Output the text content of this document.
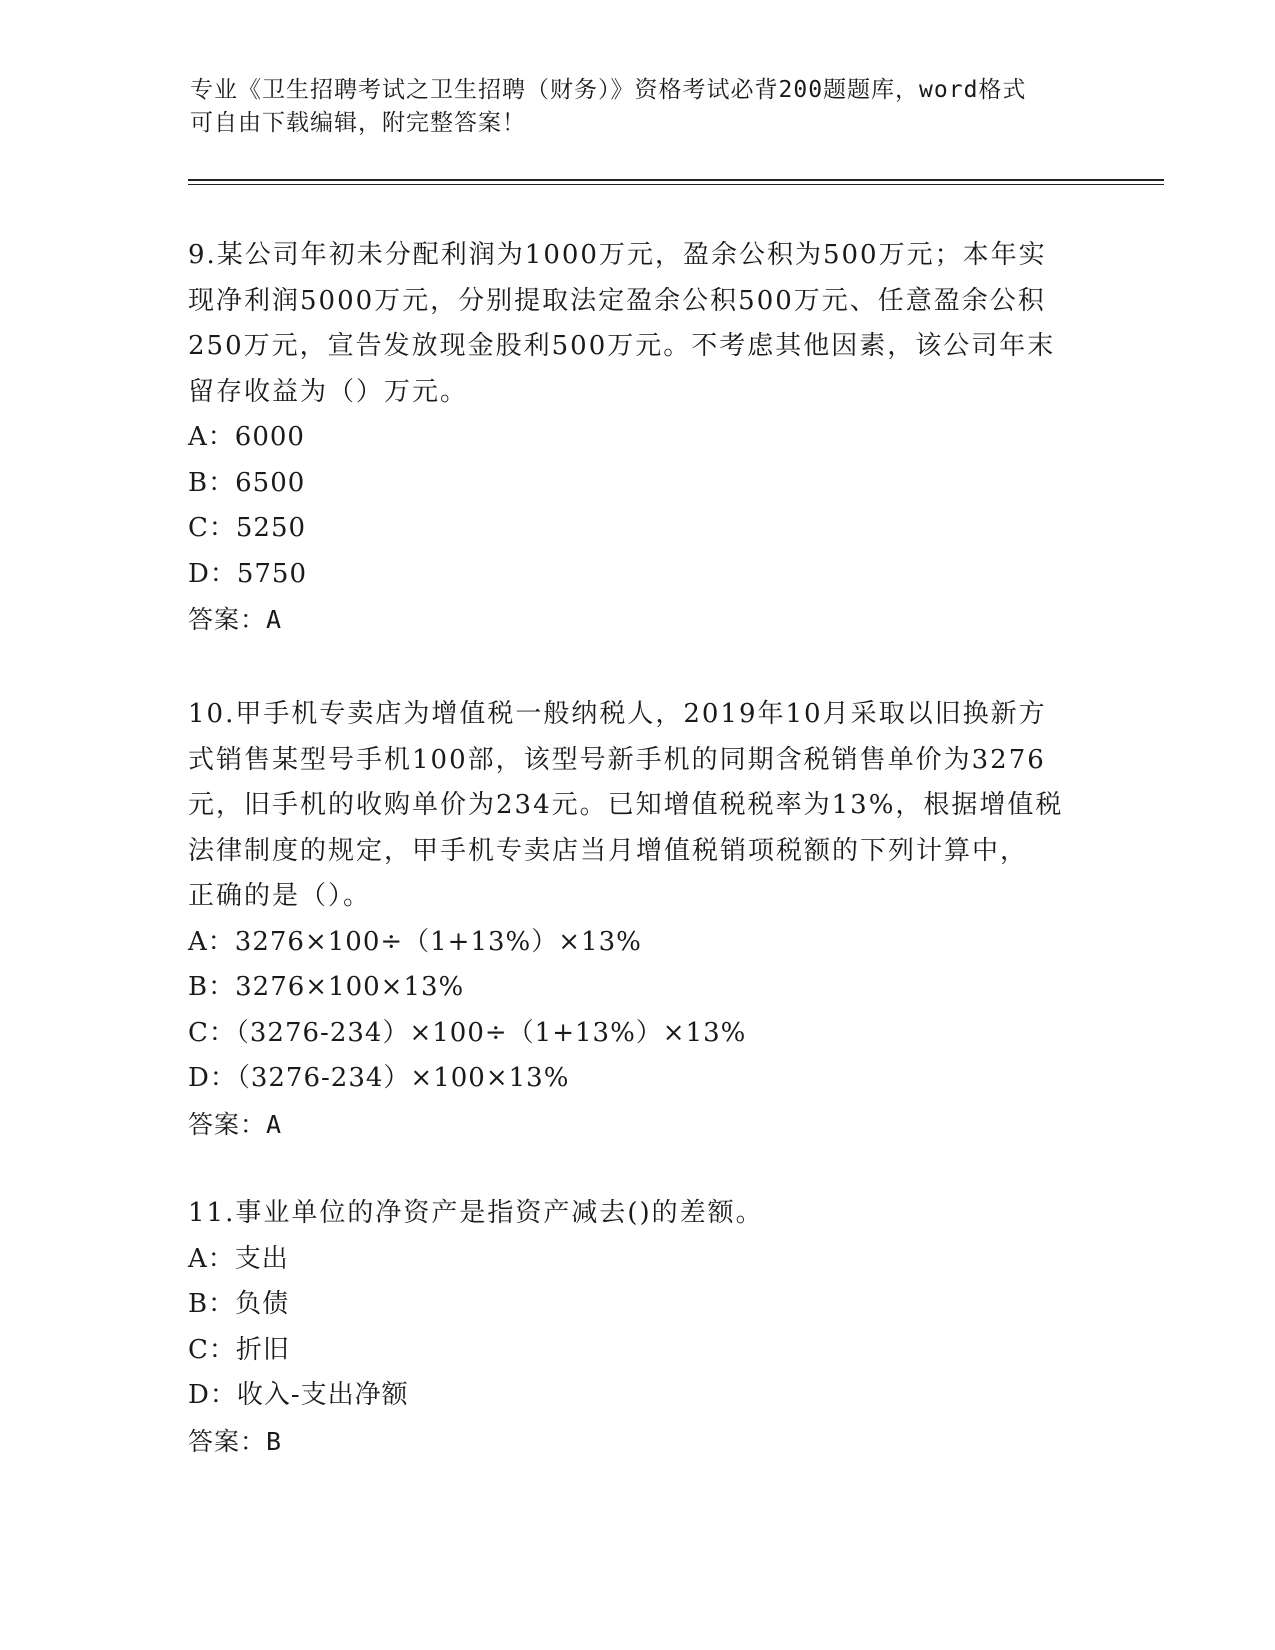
专业《卫生招聘考试之卫生招聘（财务）》资格考试必背200题题库，word格式
可自由下载编辑，附完整答案！
9.某公司年初未分配利润为1000万元，盈余公积为500万元；本年实
现净利润5000万元，分别提取法定盈余公积500万元、任意盈余公积
250万元，宣告发放现金股利500万元。不考虑其他因素，该公司年末
留存收益为（）万元。
A：6000
B：6500
C：5250
D：5750
答案：A
10.甲手机专卖店为增值税一般纳税人，2019年10月采取以旧换新方
式销售某型号手机100部，该型号新手机的同期含税销售单价为3276
元，旧手机的收购单价为234元。已知增值税税率为13%，根据增值税
法律制度的规定，甲手机专卖店当月增值税销项税额的下列计算中，
正确的是（）。
A：3276×100÷（1+13%）×13%
B：3276×100×13%
C：（3276-234）×100÷（1+13%）×13%
D：（3276-234）×100×13%
答案：A
11.事业单位的净资产是指资产减去()的差额。
A：支出
B：负债
C：折旧
D：收入-支出净额
答案：B
